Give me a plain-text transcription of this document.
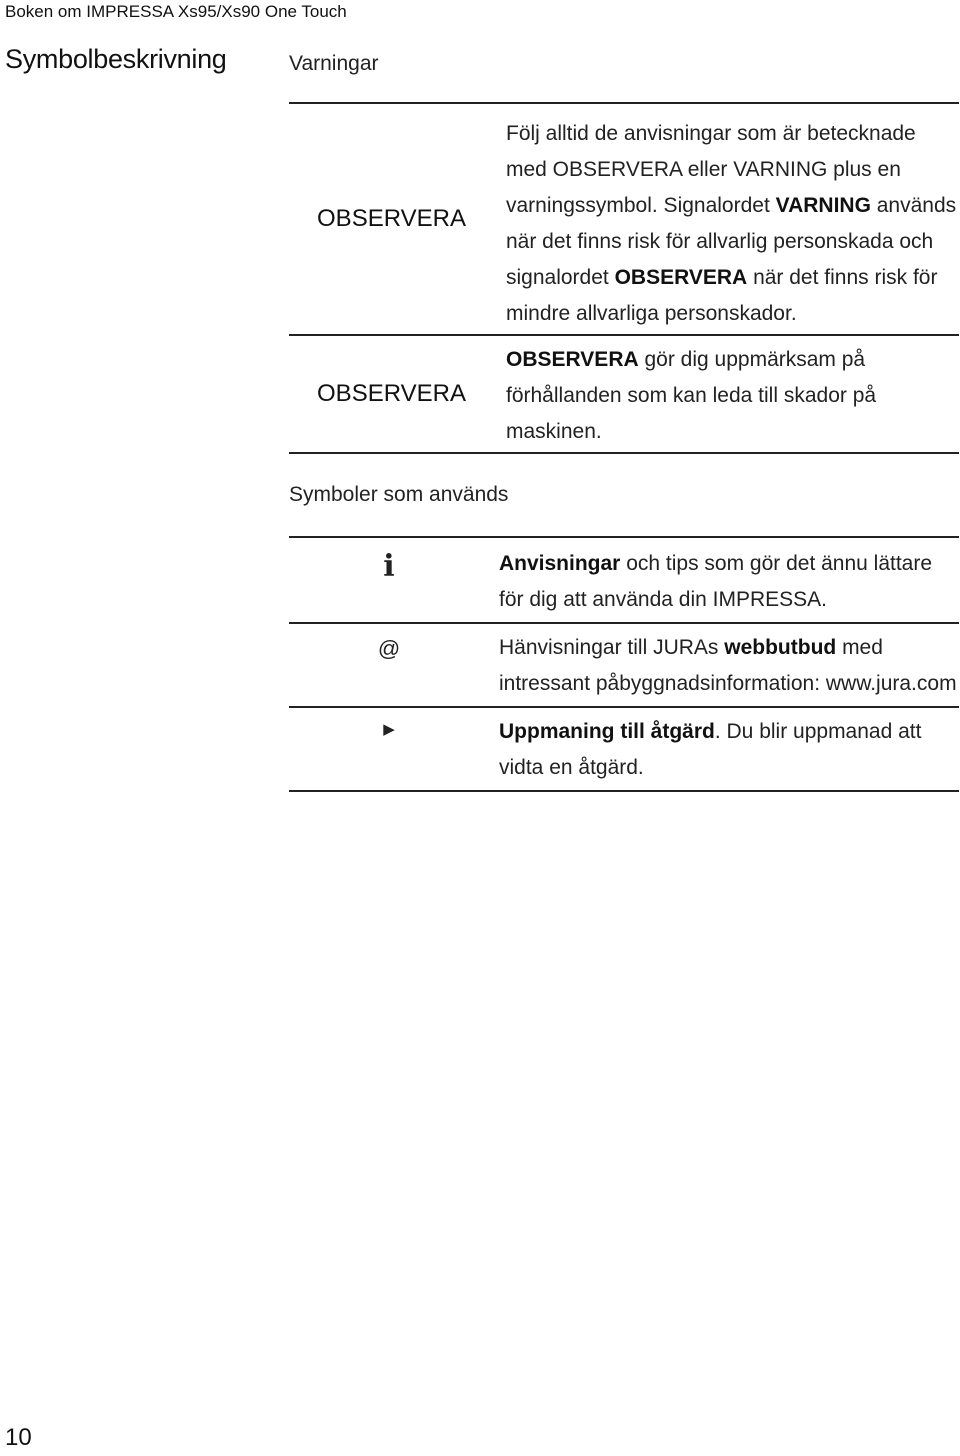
Boken om IMPRESSA Xs95/Xs90 One Touch
Symbolbeskrivning	Varningar
OBSERVERA	Följ alltid de anvisningar som är betecknade med OBSERVERA eller VARNING plus en varningssymbol. Signalordet VARNING används när det finns risk för allvarlig personskada och signalordet OBSERVERA när det finns risk för mindre allvarliga personskador.
OBSERVERA	OBSERVERA gör dig uppmärksam på förhållanden som kan leda till skador på maskinen.
Symboler som används
i	Anvisningar och tips som gör det ännu lättare för dig att använda din IMPRESSA.
@	Hänvisningar till JURAs webbutbud med intressant påbyggnadsinformation: www.jura.com
▶	Uppmaning till åtgärd. Du blir uppmanad att vidta en åtgärd.
10
